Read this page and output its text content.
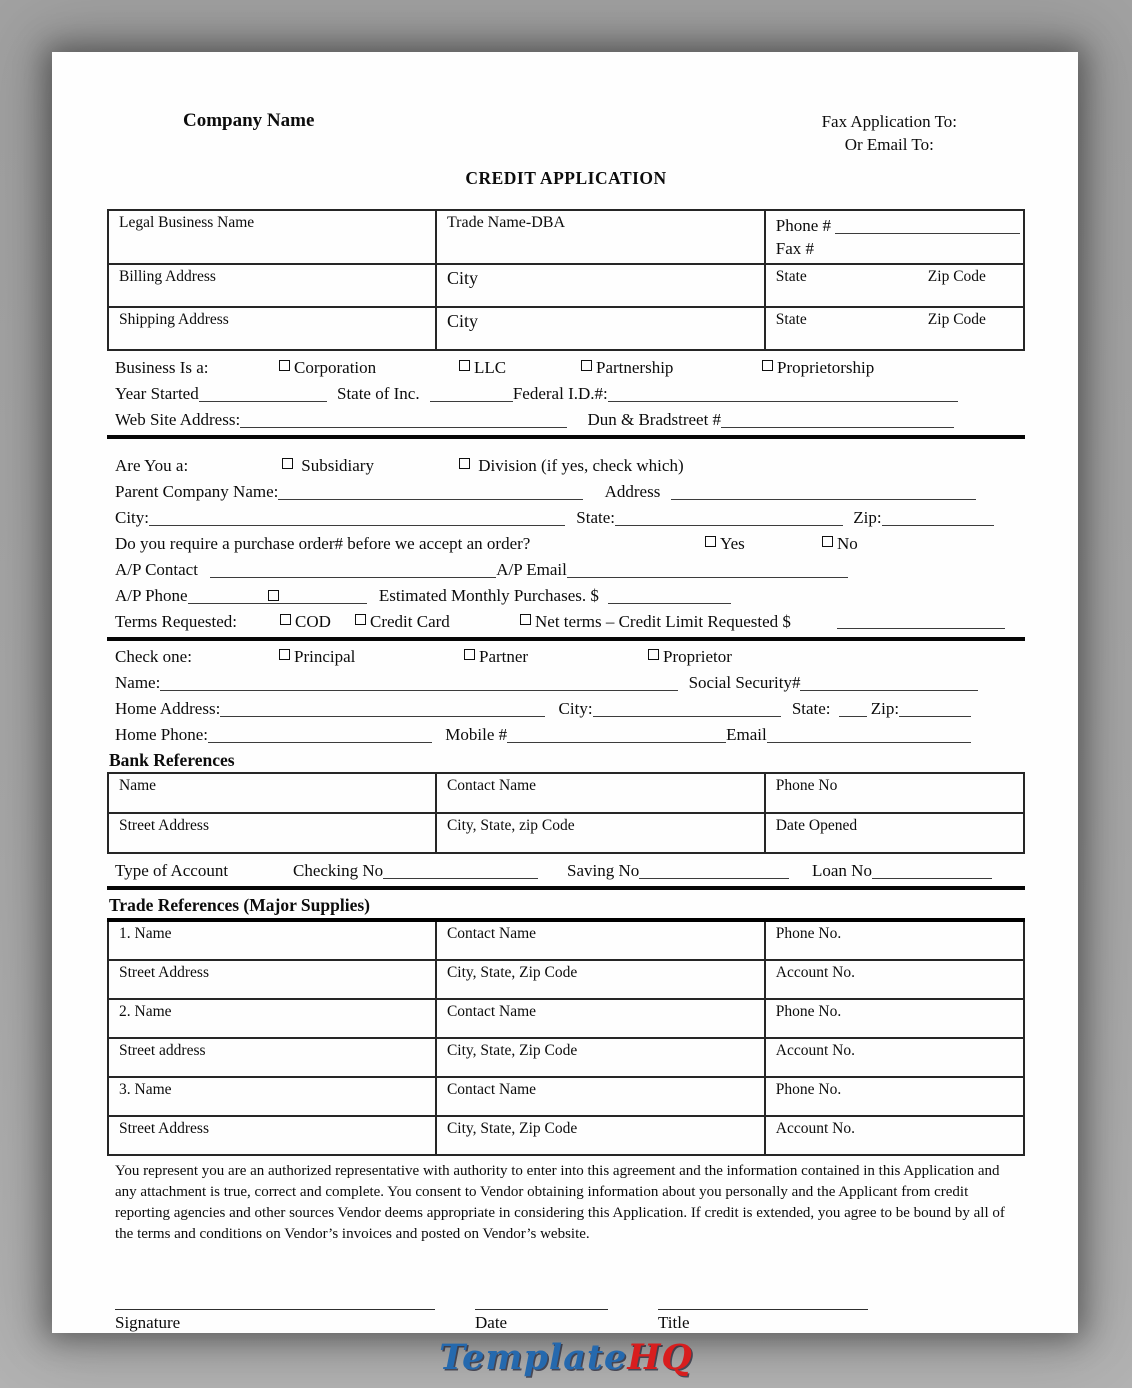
Company Name	Fax Application To:
Or Email To:
CREDIT APPLICATION
Legal Business Name	Trade Name-DBA	Phone #
Fax #

Billing Address	City	State Zip Code

Shipping Address	City	State Zip Code
Business Is a:	Corporation	LLC	Partnership	Proprietorship
Year Started	State of Inc.	Federal I.D.#:
Web Site Address:	Dun & Bradstreet #
Are You a:	Subsidiary	Division (if yes, check which)
Parent Company Name:	Address
City:	State:	Zip:
Do you require a purchase order# before we accept an order?	Yes	No
A/P Contact	A/P Email
A/P Phone	Estimated Monthly Purchases. $
Terms Requested:	COD	Credit Card	Net terms – Credit Limit Requested $
Check one:	Principal	Partner	Proprietor
Name:	Social Security#
Home Address:	City:	State: Zip:
Home Phone:	Mobile #	Email
Bank References
Name	Contact Name	Phone No
Street Address	City, State, zip Code	Date Opened
Type of Account	Checking No	Saving No	Loan No
Trade References (Major Supplies)
1. Name	Contact Name	Phone No.
Street Address	City, State, Zip Code	Account No.
2. Name	Contact Name	Phone No.
Street address	City, State, Zip Code	Account No.
3. Name	Contact Name	Phone No.
Street Address	City, State, Zip Code	Account No.
You represent you are an authorized representative with authority to enter into this agreement and the information contained in this Application and any attachment is true, correct and complete. You consent to Vendor obtaining information about you personally and the Applicant from credit reporting agencies and other sources Vendor deems appropriate in considering this Application. If credit is extended, you agree to be bound by all of the terms and conditions on Vendor’s invoices and posted on Vendor’s website.
Signature	Date	Title
TemplateHQ
